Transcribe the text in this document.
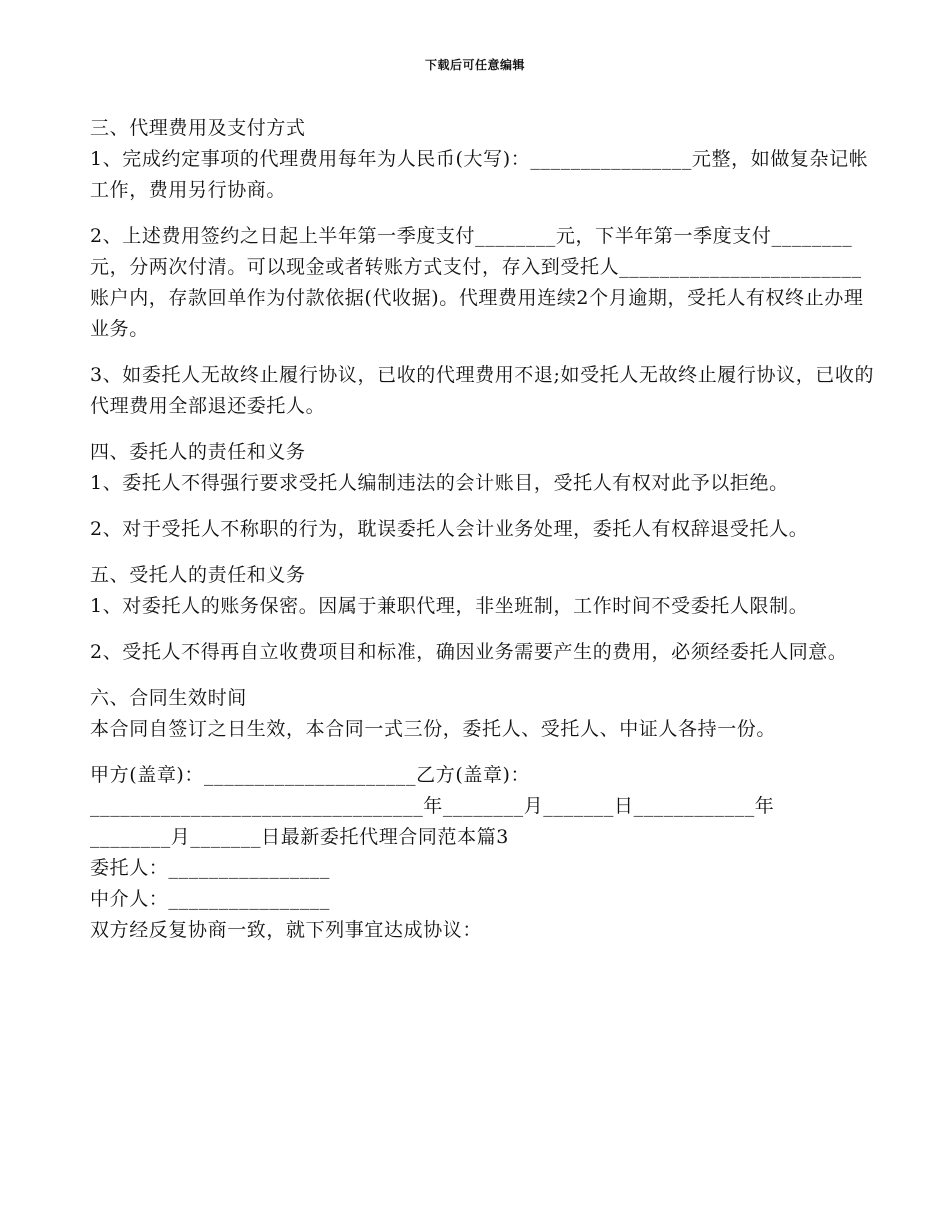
下载后可任意编辑

三、代理费用及支付方式

1、完成约定事项的代理费用每年为人民币(大写)：________________元整，如做复杂记帐工作，费用另行协商。

2、上述费用签约之日起上半年第一季度支付________元，下半年第一季度支付________元，分两次付清。可以现金或者转账方式支付，存入到受托人________________________账户内，存款回单作为付款依据(代收据)。代理费用连续2个月逾期，受托人有权终止办理业务。

3、如委托人无故终止履行协议，已收的代理费用不退;如受托人无故终止履行协议，已收的代理费用全部退还委托人。

四、委托人的责任和义务

1、委托人不得强行要求受托人编制违法的会计账目，受托人有权对此予以拒绝。

2、对于受托人不称职的行为，耽误委托人会计业务处理，委托人有权辞退受托人。

五、受托人的责任和义务

1、对委托人的账务保密。因属于兼职代理，非坐班制，工作时间不受委托人限制。

2、受托人不得再自立收费项目和标准，确因业务需要产生的费用，必须经委托人同意。

六、合同生效时间

本合同自签订之日生效，本合同一式三份，委托人、受托人、中证人各持一份。

甲方(盖章)：_____________________乙方(盖章)：

_________________________________年________月_______日____________年

________月_______日最新委托代理合同范本篇3

委托人：________________

中介人：________________

双方经反复协商一致，就下列事宜达成协议：
